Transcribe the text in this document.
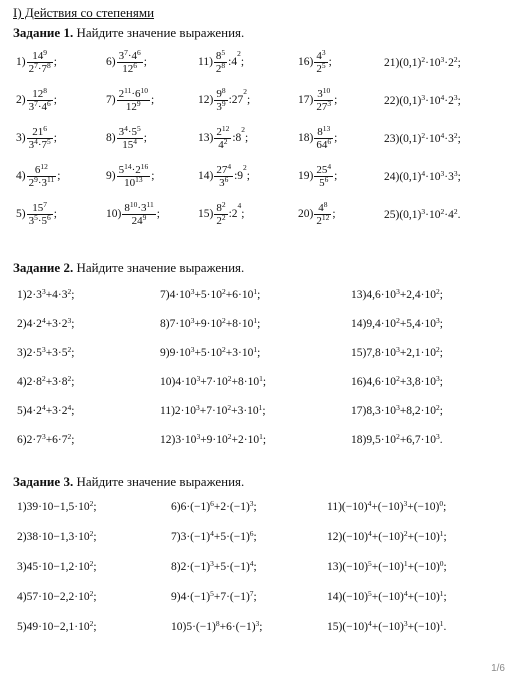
I) Действия со степенями
Задание 1. Найдите значение выражения.
$1) \frac{14^9}{2^7\cdot 7^8}$ ;	$6) \frac{3^7\cdot 4^6}{12^6}$ ;	$11) \frac{8^5}{2^8}$ $:4^2$;	$16) \frac{4^3}{2^5}$ ;	$21)(0,1)^2\cdot 10^3\cdot 2^2$;
$2) \frac{12^8}{3^7\cdot 4^6}$ ;	$7) \frac{2^{11}\cdot 6^{10}}{12^9}$ ;	$12) \frac{9^8}{3^9}$ $:27^2$;	$17) \frac{3^{10}}{27^3}$ ;	$22)(0,1)^3\cdot 10^4\cdot 2^3$;
$3) \frac{21^6}{3^4\cdot 7^5}$ ;	$8) \frac{3^4\cdot 5^5}{15^4}$ ;	$13) \frac{2^{12}}{4^2}$ $:8^2$;	$18) \frac{8^{13}}{64^6}$ ;	$23)(0,1)^2\cdot 10^4\cdot 3^2$;
$4) \frac{6^{12}}{2^9\cdot 3^{11}}$ ;	$9) \frac{5^{14}\cdot 2^{16}}{10^{13}}$ ;	$14) \frac{27^4}{3^6}$ $:9^2$;	$19) \frac{25^4}{5^6}$ ;	$24)(0,1)^4\cdot 10^3\cdot 3^3$;
$5) \frac{15^7}{3^5\cdot 5^6}$ ;	$10) \frac{8^{10}\cdot 3^{11}}{24^9}$ ;	$15) \frac{8^2}{2^2}$ $:2^4$;	$20) \frac{4^8}{2^{12}}$ ;	$25)(0,1)^3\cdot 10^2\cdot 4^2$.
Задание 2. Найдите значение выражения.
$1)2\cdot 3^3+4\cdot 3^2$;	$7)4\cdot 10^3+5\cdot 10^2+6\cdot 10^1$;	$13)4,6\cdot 10^3+2,4\cdot 10^2$;
$2)4\cdot 2^4+3\cdot 2^3$;	$8)7\cdot 10^3+9\cdot 10^2+8\cdot 10^1$;	$14)9,4\cdot 10^2+5,4\cdot 10^3$;
$3)2\cdot 5^3+3\cdot 5^2$;	$9)9\cdot 10^3+5\cdot 10^2+3\cdot 10^1$;	$15)7,8\cdot 10^3+2,1\cdot 10^2$;
$4)2\cdot 8^2+3\cdot 8^2$;	$10)4\cdot 10^3+7\cdot 10^2+8\cdot 10^1$;	$16)4,6\cdot 10^2+3,8\cdot 10^3$;
$5)4\cdot 2^4+3\cdot 2^4$;	$11)2\cdot 10^3+7\cdot 10^2+3\cdot 10^1$;	$17)8,3\cdot 10^3+8,2\cdot 10^2$;
$6)2\cdot 7^3+6\cdot 7^2$;	$12)3\cdot 10^3+9\cdot 10^2+2\cdot 10^1$;	$18)9,5\cdot 10^2+6,7\cdot 10^3$.
Задание 3. Найдите значение выражения.
$1)39\cdot 10-1,5\cdot 10^2$;	$6)6\cdot(-1)^6+2\cdot(-1)^3$;	$11)(-10)^4+(-10)^3+(-10)^0$;
$2)38\cdot 10-1,3\cdot 10^2$;	$7)3\cdot(-1)^4+5\cdot(-1)^6$;	$12)(-10)^4+(-10)^2+(-10)^1$;
$3)45\cdot 10-1,2\cdot 10^2$;	$8)2\cdot(-1)^3+5\cdot(-1)^4$;	$13)(-10)^5+(-10)^1+(-10)^0$;
$4)57\cdot 10-2,2\cdot 10^2$;	$9)4\cdot(-1)^5+7\cdot(-1)^7$;	$14)(-10)^5+(-10)^4+(-10)^1$;
$5)49\cdot 10-2,1\cdot 10^2$;	$10)5\cdot(-1)^8+6\cdot(-1)^3$;	$15)(-10)^4+(-10)^3+(-10)^1$.
1/6
